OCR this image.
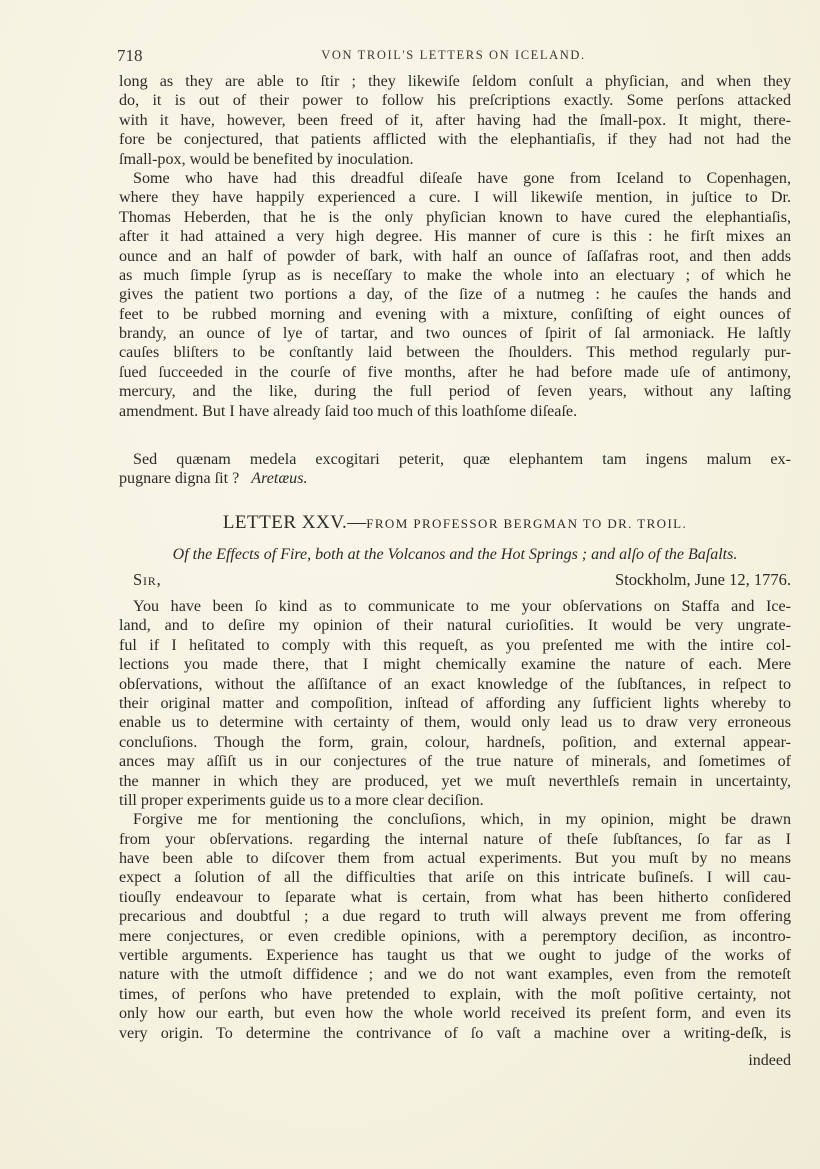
718	VON TROIL'S LETTERS ON ICELAND.

long as they are able to ſtir ; they likewiſe ſeldom conſult a phyſician, and when they
do, it is out of their power to follow his preſcriptions exactly. Some perſons attacked
with it have, however, been freed of it, after having had the ſmall-pox. It might, there-
fore be conjectured, that patients afflicted with the elephantiaſis, if they had not had the
ſmall-pox, would be benefited by inoculation.

Some who have had this dreadful diſeaſe have gone from Iceland to Copenhagen,
where they have happily experienced a cure. I will likewiſe mention, in juſtice to Dr.
Thomas Heberden, that he is the only phyſician known to have cured the elephantiaſis,
after it had attained a very high degree. His manner of cure is this : he firſt mixes an
ounce and an half of powder of bark, with half an ounce of ſaſſafras root, and then adds
as much ſimple ſyrup as is neceſſary to make the whole into an electuary ; of which he
gives the patient two portions a day, of the ſize of a nutmeg : he cauſes the hands and
feet to be rubbed morning and evening with a mixture, conſiſting of eight ounces of
brandy, an ounce of lye of tartar, and two ounces of ſpirit of ſal armoniack. He laſtly
cauſes bliſters to be conſtantly laid between the ſhoulders. This method regularly pur-
ſued ſucceeded in the courſe of five months, after he had before made uſe of antimony,
mercury, and the like, during the full period of ſeven years, without any laſting
amendment. But I have already ſaid too much of this loathſome diſeaſe.

Sed quænam medela excogitari peterit, quæ elephantem tam ingens malum ex-
pugnare digna ſit ? Aretæus.
LETTER XXV.—FROM PROFESSOR BERGMAN TO DR. TROIL.
Of the Effects of Fire, both at the Volcanos and the Hot Springs ; and alſo of the Baſalts.
Sir,	Stockholm, June 12, 1776.

You have been ſo kind as to communicate to me your obſervations on Staffa and Ice-
land, and to deſire my opinion of their natural curioſities. It would be very ungrate-
ful if I heſitated to comply with this requeſt, as you preſented me with the intire col-
lections you made there, that I might chemically examine the nature of each. Mere
obſervations, without the aſſiſtance of an exact knowledge of the ſubſtances, in reſpect to
their original matter and compoſition, inſtead of affording any ſufficient lights whereby to
enable us to determine with certainty of them, would only lead us to draw very erroneous
concluſions. Though the form, grain, colour, hardneſs, poſition, and external appear-
ances may aſſiſt us in our conjectures of the true nature of minerals, and ſometimes of
the manner in which they are produced, yet we muſt neverthleſs remain in uncertainty,
till proper experiments guide us to a more clear deciſion.

Forgive me for mentioning the concluſions, which, in my opinion, might be drawn
from your obſervations. regarding the internal nature of theſe ſubſtances, ſo far as I
have been able to diſcover them from actual experiments. But you muſt by no means
expect a ſolution of all the difficulties that ariſe on this intricate buſineſs. I will cau-
tiouſly endeavour to ſeparate what is certain, from what has been hitherto conſidered
precarious and doubtful ; a due regard to truth will always prevent me from offering
mere conjectures, or even credible opinions, with a peremptory deciſion, as incontro-
vertible arguments. Experience has taught us that we ought to judge of the works of
nature with the utmoſt diffidence ; and we do not want examples, even from the remoteſt
times, of perſons who have pretended to explain, with the moſt poſitive certainty, not
only how our earth, but even how the whole world received its preſent form, and even its
very origin. To determine the contrivance of ſo vaſt a machine over a writing-deſk, is

indeed
